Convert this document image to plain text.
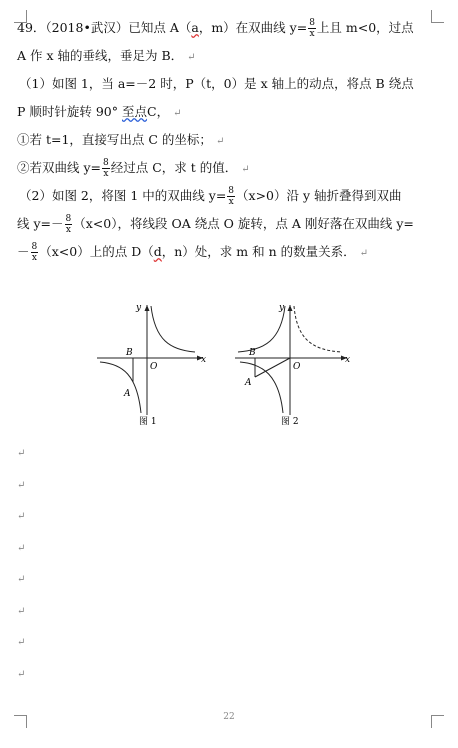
49．（2018•武汉）已知点 A（a，m）在双曲线 $y= \frac{8}{x}$ 上且 m<0，过点
A 作 x 轴的垂线，垂足为 B． ↵
（1）如图 1，当 a=－2 时，P（t，0）是 x 轴上的动点，将点 B 绕点
P 顺时针旋转 90° 至点C， ↵
①若 t=1，直接写出点 C 的坐标； ↵
②若双曲线 $y= \frac{8}{x}$ 经过点 C，求 t 的值． ↵
（2）如图 2，将图 1 中的双曲线 $y= \frac{8}{x} (x>0)$沿 y 轴折叠得到双曲
线 $y=- \frac{8}{x} (x<0)$，将线段 OA 绕点 O 旋转，点 A 刚好落在双曲线 y=
－ $\frac{8}{x} (x<0)$上的点 D（d，n）处，求 m 和 n 的数量关系． ↵
B
A
O
x
y
图 1
B
A
O
x
y
图 2
↵
↵
↵
↵
↵
↵
↵
↵
22
